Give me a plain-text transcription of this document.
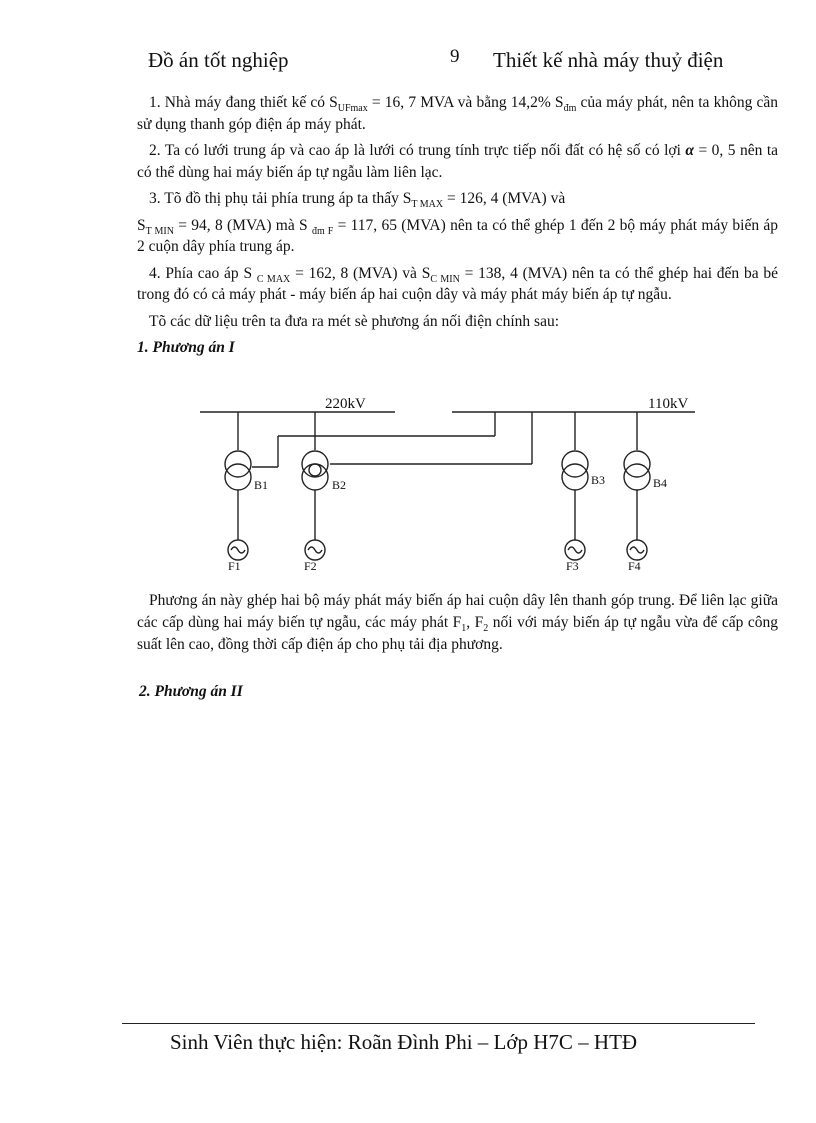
Đồ án tốt nghiệp	9 Thiết kế nhà máy thuỷ điện

1. Nhà máy đang thiết kế có $S_{UFmax} = 16$, 7 MVA và bằng 14,2% $S_{đm}$ của máy phát, nên ta không cần sử dụng thanh góp điện áp máy phát.

2. Ta có lưới trung áp và cao áp là lưới có trung tính trực tiếp nối đất có hệ số có lợi α = 0, 5 nên ta có thể dùng hai máy biến áp tự ngẫu làm liên lạc.

3. Tõ đồ thị phụ tải phía trung áp ta thấy $S_{T MAX} = 126$, 4 (MVA) và

$S_{T MIN} = 94$, 8 (MVA) mà S $_{đm F}$ = 117, 65 (MVA) nên ta có thể ghép 1 đến 2 bộ máy phát máy biến áp 2 cuộn dây phía trung áp.

4. Phía cao áp S $_{C MAX}$ = 162, 8 (MVA) và $S_{C MIN} = 138$, 4 (MVA) nên ta có thể ghép hai đến ba bé trong đó có cả máy phát - máy biến áp hai cuộn dây và máy phát máy biến áp tự ngẫu.

Tõ các dữ liệu trên ta đưa ra mét sè phương án nối điện chính sau:

1. Phương án I
220kV	110kV
B1	B2	B3	B4
F1	F2	F3	F4

Phương án này ghép hai bộ máy phát máy biến áp hai cuộn dây lên thanh góp trung. Để liên lạc giữa các cấp dùng hai máy biến tự ngẫu, các máy phát $F_1$, $F_2$ nối với máy biến áp tự ngẫu vừa để cấp công suất lên cao, đồng thời cấp điện áp cho phụ tải địa phương.

2. Phương án II
Sinh Viên thực hiện: Roãn Đình Phi – Lớp H7C – HTĐ
